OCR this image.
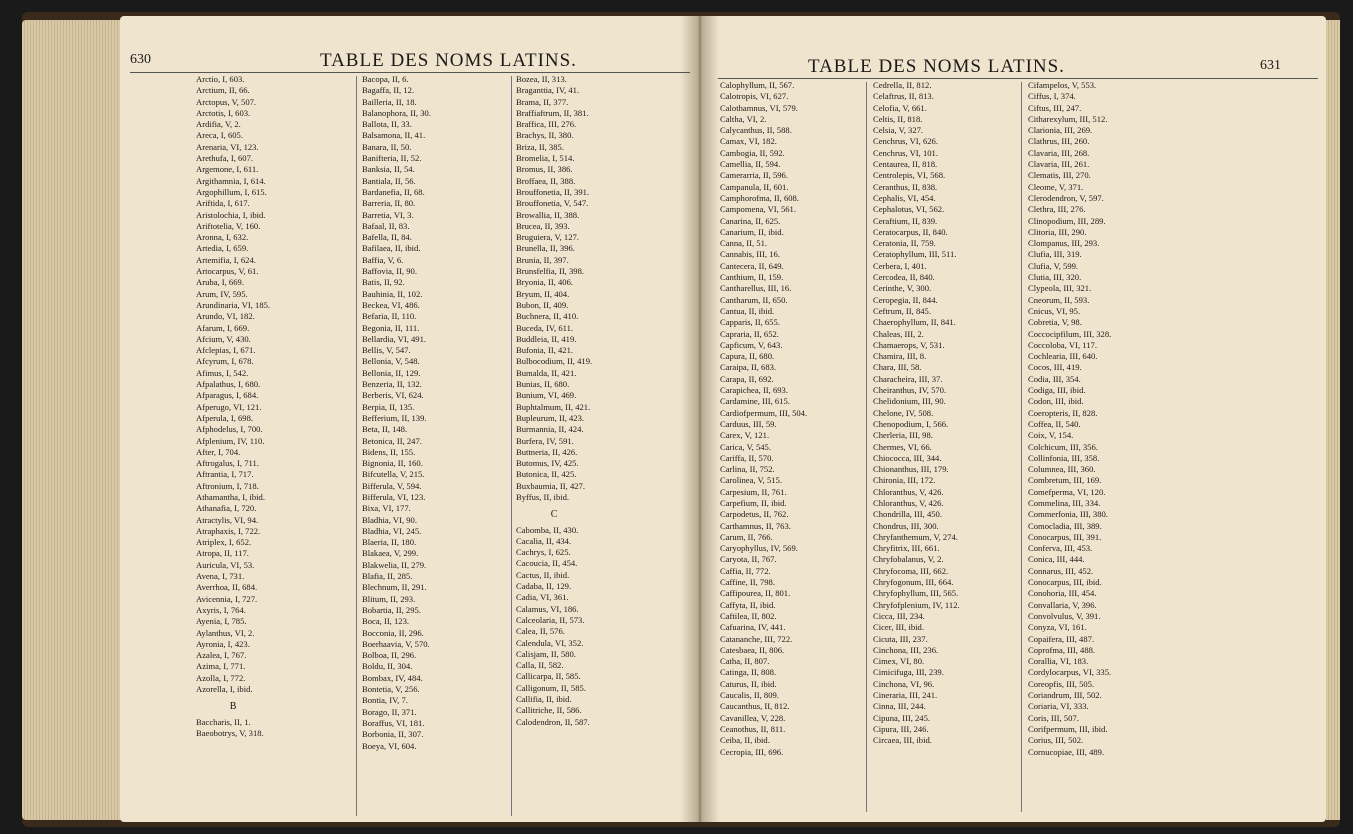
630	TABLE DES NOMS LATINS.
Arctio, I, 603.
Arctium, II, 66.
Arctopus, V, 507.
Arctotis, I, 603.
Ardifia, V, 2.
Areca, I, 605.
Arenaria, VI, 123.
Arethufa, I, 607.
Argemone, I, 611.
Argithamnia, I, 614.
Argophillum, I, 615.
Ariftida, I, 617.
Aristolochia, I, ibid.
Ariftotelia, V, 160.
Aronna, I, 632.
Artedia, I, 659.
Artemifia, I, 624.
Artocarpus, V, 61.
Aruba, I, 669.
Arum, IV, 595.
Arundinaria, VI, 185.
Arundo, VI, 182.
Afarum, I, 669.
Afcium, V, 430.
Afclepias, I, 671.
Afcyrum, I, 678.
Afimus, I, 542.
Afpalathus, I, 680.
Afparagus, I, 684.
Afperugo, VI, 121.
Afperula, I, 698.
Afphodelus, I, 700.
Afplenium, IV, 110.
After, I, 704.
Aftrogalus, I, 711.
Aftrantia, I, 717.
Aftronium, I, 718.
Athamantha, I, ibid.
Athanafia, I, 720.
Atractylis, VI, 94.
Atraphaxis, I, 722.
Atriplex, I, 652.
Atropa, II, 117.
Auricula, VI, 53.
Avena, I, 731.
Averrhoa, II, 684.
Avicennia, I, 727.
Axyris, I, 764.
Ayenia, I, 785.
Aylanthus, VI, 2.
Ayronia, I, 423.
Azalea, I, 767.
Azima, I, 771.
Azolla, I, 772.
Azorella, I, ibid.
B
Baccharis, II, 1.
Baeobotrys, V, 318.
Bacopa, II, 6.
Bagaffa, II, 12.
Bailleria, II, 18.
Balanophora, II, 30.
Ballota, II, 33.
Balsamona, II, 41.
Banara, II, 50.
Banifteria, II, 52.
Banksia, II, 54.
Bantiala, II, 56.
Bardanefia, II, 68.
Barreria, II, 80.
Barretia, VI, 3.
Bafaal, II, 83.
Bafella, II, 84.
Bafilaea, II, ibid.
Baffia, V, 6.
Baffovia, II, 90.
Batis, II, 92.
Bauhinia, II, 102.
Beckea, VI, 486.
Befaria, II, 110.
Begonia, II, 111.
Bellardia, VI, 491.
Bellis, V, 547.
Bellonia, V, 548.
Bellonia, II, 129.
Benzeria, II, 132.
Berberis, VI, 624.
Berpia, II, 135.
Befferium, II, 139.
Beta, II, 148.
Betonica, II, 247.
Bidens, II, 155.
Bignonia, II, 160.
Bifcutella, V, 215.
Bifferula, V, 594.
Bifferula, VI, 123.
Bixa, VI, 177.
Bladhia, VI, 90.
Bladhia, VI, 245.
Blaeria, II, 180.
Blakaea, V, 299.
Blakwelia, II, 279.
Blafia, II, 285.
Blechnum, II, 291.
Blitum, II, 293.
Bobartia, II, 295.
Boca, II, 123.
Bocconia, II, 296.
Boerhaavia, V, 570.
Bolboa, II, 296.
Boldu, II, 304.
Bombax, IV, 484.
Bontetia, V, 256.
Bontia, IV, 7.
Borago, II, 371.
Boraffus, VI, 181.
Borbonia, II, 307.
Boeya, VI, 604.
Bozea, II, 313.
Braganttia, IV, 41.
Brama, II, 377.
Braffiaftrum, II, 381.
Braffica, III, 276.
Brachys, II, 380.
Briza, II, 385.
Bromelia, I, 514.
Bromus, II, 386.
Broffaea, II, 388.
Brouffonetia, II, 391.
Brouffonetia, V, 547.
Browallia, II, 388.
Brucea, II, 393.
Bruguiera, V, 127.
Brunella, II, 396.
Brunia, II, 397.
Brunsfelfia, II, 398.
Bryonia, II, 406.
Bryum, II, 404.
Bubon, II, 409.
Buchnera, II, 410.
Buceda, IV, 611.
Buddleia, II, 419.
Bufonia, II, 421.
Bulbocodium, II, 419.
Bumalda, II, 421.
Bunias, II, 680.
Bunium, VI, 469.
Buphtalmum, II, 421.
Bupleurum, II, 423.
Burmannia, II, 424.
Burfera, IV, 591.
Buttneria, II, 426.
Butomus, IV, 425.
Butonica, II, 425.
Buxbaumia, II, 427.
Byffus, II, ibid.
C
Cabomba, II, 430.
Cacalia, II, 434.
Cachrys, I, 625.
Cacoucia, II, 454.
Cactus, II, ibid.
Cadaba, II, 129.
Cadia, VI, 361.
Calamus, VI, 186.
Calceolaria, II, 573.
Calea, II, 576.
Calendula, VI, 352.
Calisjam, II, 580.
Calla, II, 582.
Callicarpa, II, 585.
Calligonum, II, 585.
Callifia, II, ibid.
Callitriche, II, 586.
Calodendron, II, 587.
TABLE DES NOMS LATINS.	631
Calophyllum, II, 567.
Calotropis, VI, 627.
Calothamnus, VI, 579.
Caltha, VI, 2.
Calycanthus, II, 588.
Camax, VI, 182.
Cambogia, II, 592.
Camellia, II, 594.
Camerarria, II, 596.
Campanula, II, 601.
Camphorofma, II, 608.
Campomena, VI, 561.
Canarina, II, 625.
Canarium, II, ibid.
Canna, II, 51.
Cannabis, III, 16.
Cantecera, II, 649.
Canthium, II, 159.
Cantharellus, III, 16.
Cantharum, II, 650.
Cantua, II, ibid.
Capparis, II, 655.
Capraria, II, 652.
Capficum, V, 643.
Capura, II, 680.
Caraipa, II, 683.
Carapa, II, 692.
Carapichea, II, 693.
Cardamine, III, 615.
Cardiofpermum, III, 504.
Carduus, III, 59.
Carex, V, 121.
Carica, V, 545.
Cariffa, II, 570.
Carlina, II, 752.
Carolinea, V, 515.
Carpesium, II, 761.
Carpefium, II, ibid.
Carpodetus, II, 762.
Carthamnus, II, 763.
Carum, II, 766.
Caryophyllus, IV, 569.
Caryota, II, 767.
Caffia, II, 772.
Caffine, II, 798.
Caffipourea, II, 801.
Caffyta, II, ibid.
Caftilea, II, 802.
Cafuarina, IV, 441.
Catananche, III, 722.
Catesbaea, II, 806.
Catha, II, 807.
Catinga, II, 808.
Caturus, II, ibid.
Caucalis, II, 809.
Caucanthus, II, 812.
Cavanillea, V, 228.
Ceanothus, II, 811.
Ceiba, II, ibid.
Cecropia, III, 696.
Cedrella, II, 812.
Celaftrus, II, 813.
Celofia, V, 661.
Celtis, II, 818.
Celsia, V, 327.
Cenchrus, VI, 626.
Cenchrus, VI, 101.
Centaurea, II, 818.
Centrolepis, VI, 568.
Ceranthus, II, 838.
Cephalis, VI, 454.
Cephalotus, VI, 562.
Ceraftium, II, 839.
Ceratocarpus, II, 840.
Ceratonia, II, 759.
Ceratophyllum, III, 511.
Cerbera, I, 401.
Cercodea, II, 840.
Cerinthe, V, 300.
Ceropegia, II, 844.
Ceftrum, II, 845.
Chaerophyllum, II, 841.
Chaleas, III, 2.
Chamaerops, V, 531.
Chamira, III, 8.
Chara, III, 58.
Characheira, III, 37.
Cheiranthus, IV, 570.
Chelidonium, III, 90.
Chelone, IV, 508.
Chenopodium, I, 566.
Cherleria, III, 98.
Chermes, VI, 66.
Chiococca, III, 344.
Chionanthus, III, 179.
Chironia, III, 172.
Chloranthus, V, 426.
Chloranthus, V, 426.
Chondrilla, III, 450.
Chondrus, III, 300.
Chryfanthemum, V, 274.
Chryfitrix, III, 661.
Chryfobalanus, V, 2.
Chryfocoma, III, 662.
Chryfogonum, III, 664.
Chryfophyllum, III, 565.
Chryfofplenium, IV, 112.
Cicca, III, 234.
Cicer, III, ibid.
Cicuta, III, 237.
Cinchona, III, 236.
Cimex, VI, 80.
Cimicifuga, III, 239.
Cinchona, VI, 96.
Cineraria, III, 241.
Cinna, III, 244.
Cipuna, III, 245.
Cipura, III, 246.
Circaea, III, ibid.
Cifampelos, V, 553.
Ciffus, I, 374.
Ciftus, III, 247.
Citharexylum, III, 512.
Clarionia, III, 269.
Clathrus, III, 260.
Clavaria, III, 268.
Clavaria, III, 261.
Clematis, III, 270.
Cleome, V, 371.
Clerodendron, V, 597.
Clethra, III, 276.
Clinopodium, III, 289.
Clitoria, III, 290.
Clompanus, III, 293.
Clufia, III, 319.
Clufia, V, 599.
Clutia, III, 320.
Clypeola, III, 321.
Cneorum, II, 593.
Cnicus, VI, 95.
Cobretia, V, 98.
Coccocipfilum, III, 328.
Coccoloba, VI, 117.
Cochlearia, III, 640.
Cocos, III, 419.
Codia, III, 354.
Codiga, III, ibid.
Codon, III, ibid.
Coeropteris, II, 828.
Coffea, II, 540.
Coix, V, 154.
Colchicum, III, 356.
Collinfonia, III, 358.
Columnea, III, 360.
Combretum, III, 169.
Comefperma, VI, 120.
Commelina, III, 334.
Commerfonia, III, 380.
Comocladia, III, 389.
Conocarpus, III, 391.
Conferva, III, 453.
Conica, III, 444.
Connarus, III, 452.
Conocarpus, III, ibid.
Conohoria, III, 454.
Convallaria, V, 396.
Convolvulus, V, 391.
Conyza, VI, 161.
Copaifera, III, 487.
Coprofma, III, 488.
Corallia, VI, 183.
Cordylocarpus, VI, 335.
Coreopfis, III, 505.
Coriandrum, III, 502.
Coriaria, VI, 333.
Coris, III, 507.
Corifpermum, III, ibid.
Corius, III, 502.
Cornucopiae, III, 489.
